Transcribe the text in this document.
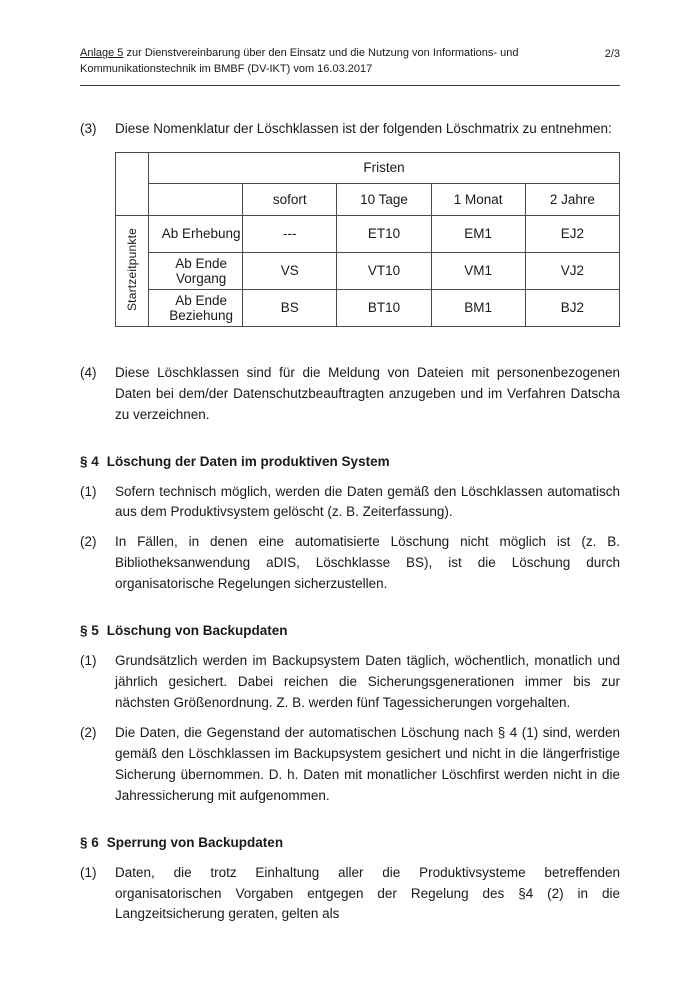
Anlage 5 zur Dienstvereinbarung über den Einsatz und die Nutzung von Informations- und
Kommunikationstechnik im BMBF (DV-IKT) vom 16.03.2017
2/3
(3)	Diese Nomenklatur der Löschklassen ist der folgenden Löschmatrix zu entnehmen:
	Fristen				
		sofort	10 Tage	1 Monat	2 Jahre
Startzeitpunkte	Ab Erhebung	---	ET10	EM1	EJ2
	Ab Ende Vorgang	VS	VT10	VM1	VJ2
	Ab Ende Beziehung	BS	BT10	BM1	BJ2
(4)	Diese Löschklassen sind für die Meldung von Dateien mit personenbezogenen Daten bei dem/der Datenschutzbeauftragten anzugeben und im Verfahren Datscha zu verzeichnen.
§ 4 Löschung der Daten im produktiven System
(1)	Sofern technisch möglich, werden die Daten gemäß den Löschklassen automatisch aus dem Produktivsystem gelöscht (z. B. Zeiterfassung).
(2)	In Fällen, in denen eine automatisierte Löschung nicht möglich ist (z. B. Bibliotheksanwendung aDIS, Löschklasse BS), ist die Löschung durch organisatorische Regelungen sicherzustellen.
§ 5 Löschung von Backupdaten
(1)	Grundsätzlich werden im Backupsystem Daten täglich, wöchentlich, monatlich und jährlich gesichert. Dabei reichen die Sicherungsgenerationen immer bis zur nächsten Größenordnung. Z. B. werden fünf Tagessicherungen vorgehalten.
(2)	Die Daten, die Gegenstand der automatischen Löschung nach § 4 (1) sind, werden gemäß den Löschklassen im Backupsystem gesichert und nicht in die längerfristige Sicherung übernommen. D. h. Daten mit monatlicher Löschfirst werden nicht in die Jahressicherung mit aufgenommen.
§ 6 Sperrung von Backupdaten
(1)	Daten, die trotz Einhaltung aller die Produktivsysteme betreffenden organisatorischen Vorgaben entgegen der Regelung des §4 (2) in die Langzeitsicherung geraten, gelten als
